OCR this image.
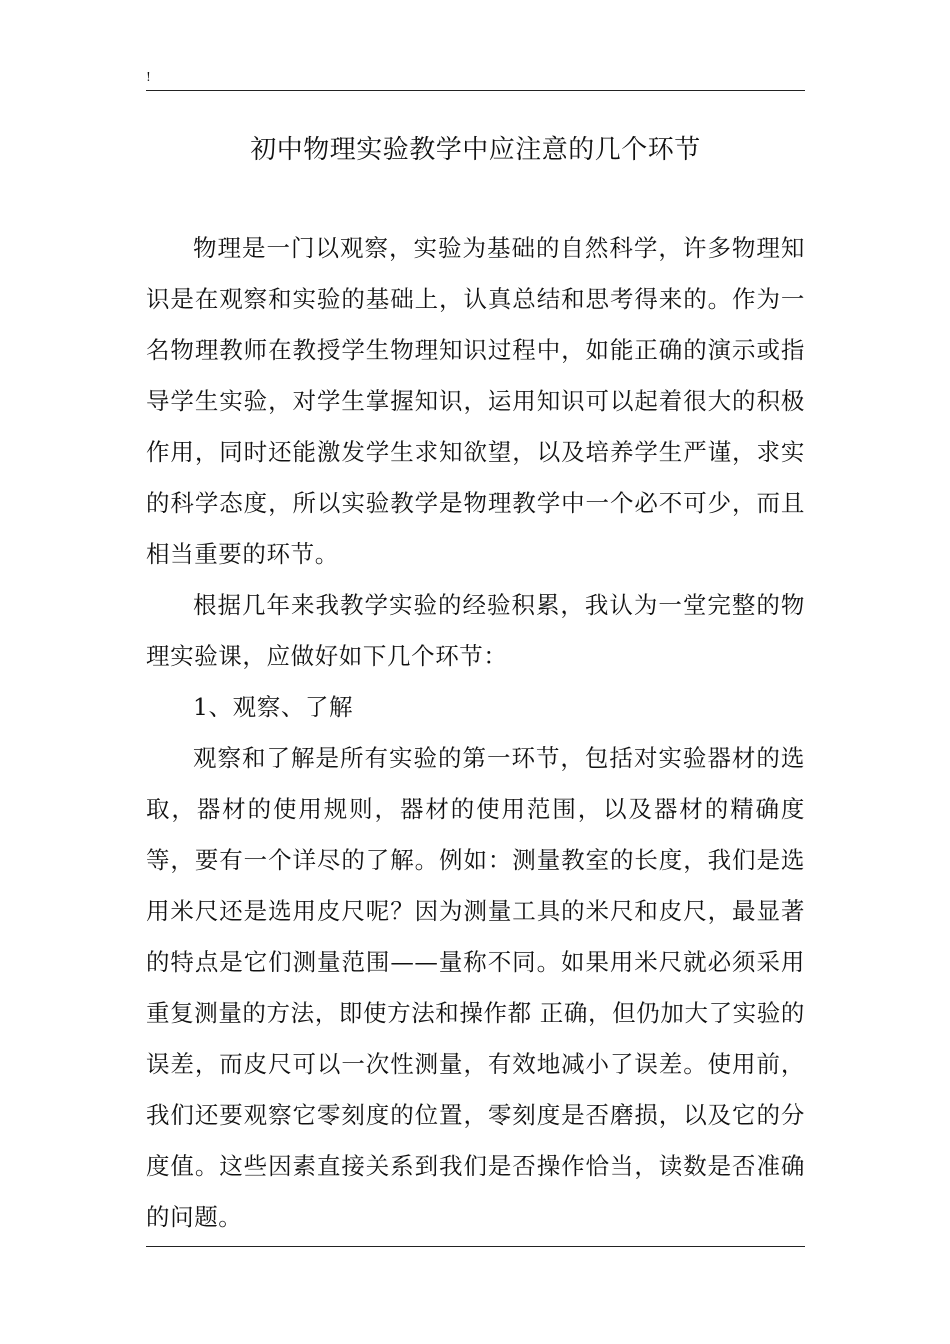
!
初中物理实验教学中应注意的几个环节

物理是一门以观察，实验为基础的自然科学，许多物理知识是在观察和实验的基础上，认真总结和思考得来的。作为一名物理教师在教授学生物理知识过程中，如能正确的演示或指导学生实验，对学生掌握知识，运用知识可以起着很大的积极作用，同时还能激发学生求知欲望，以及培养学生严谨，求实的科学态度，所以实验教学是物理教学中一个必不可少，而且相当重要的环节。

根据几年来我教学实验的经验积累，我认为一堂完整的物理实验课，应做好如下几个环节：

1、观察、了解

观察和了解是所有实验的第一环节，包括对实验器材的选取，器材的使用规则，器材的使用范围，以及器材的精确度等，要有一个详尽的了解。例如：测量教室的长度，我们是选用米尺还是选用皮尺呢？因为测量工具的米尺和皮尺，最显著的特点是它们测量范围——量称不同。如果用米尺就必须采用重复测量的方法，即使方法和操作都 正确，但仍加大了实验的误差，而皮尺可以一次性测量，有效地减小了误差。使用前，我们还要观察它零刻度的位置，零刻度是否磨损，以及它的分度值。这些因素直接关系到我们是否操作恰当，读数是否准确的问题。
